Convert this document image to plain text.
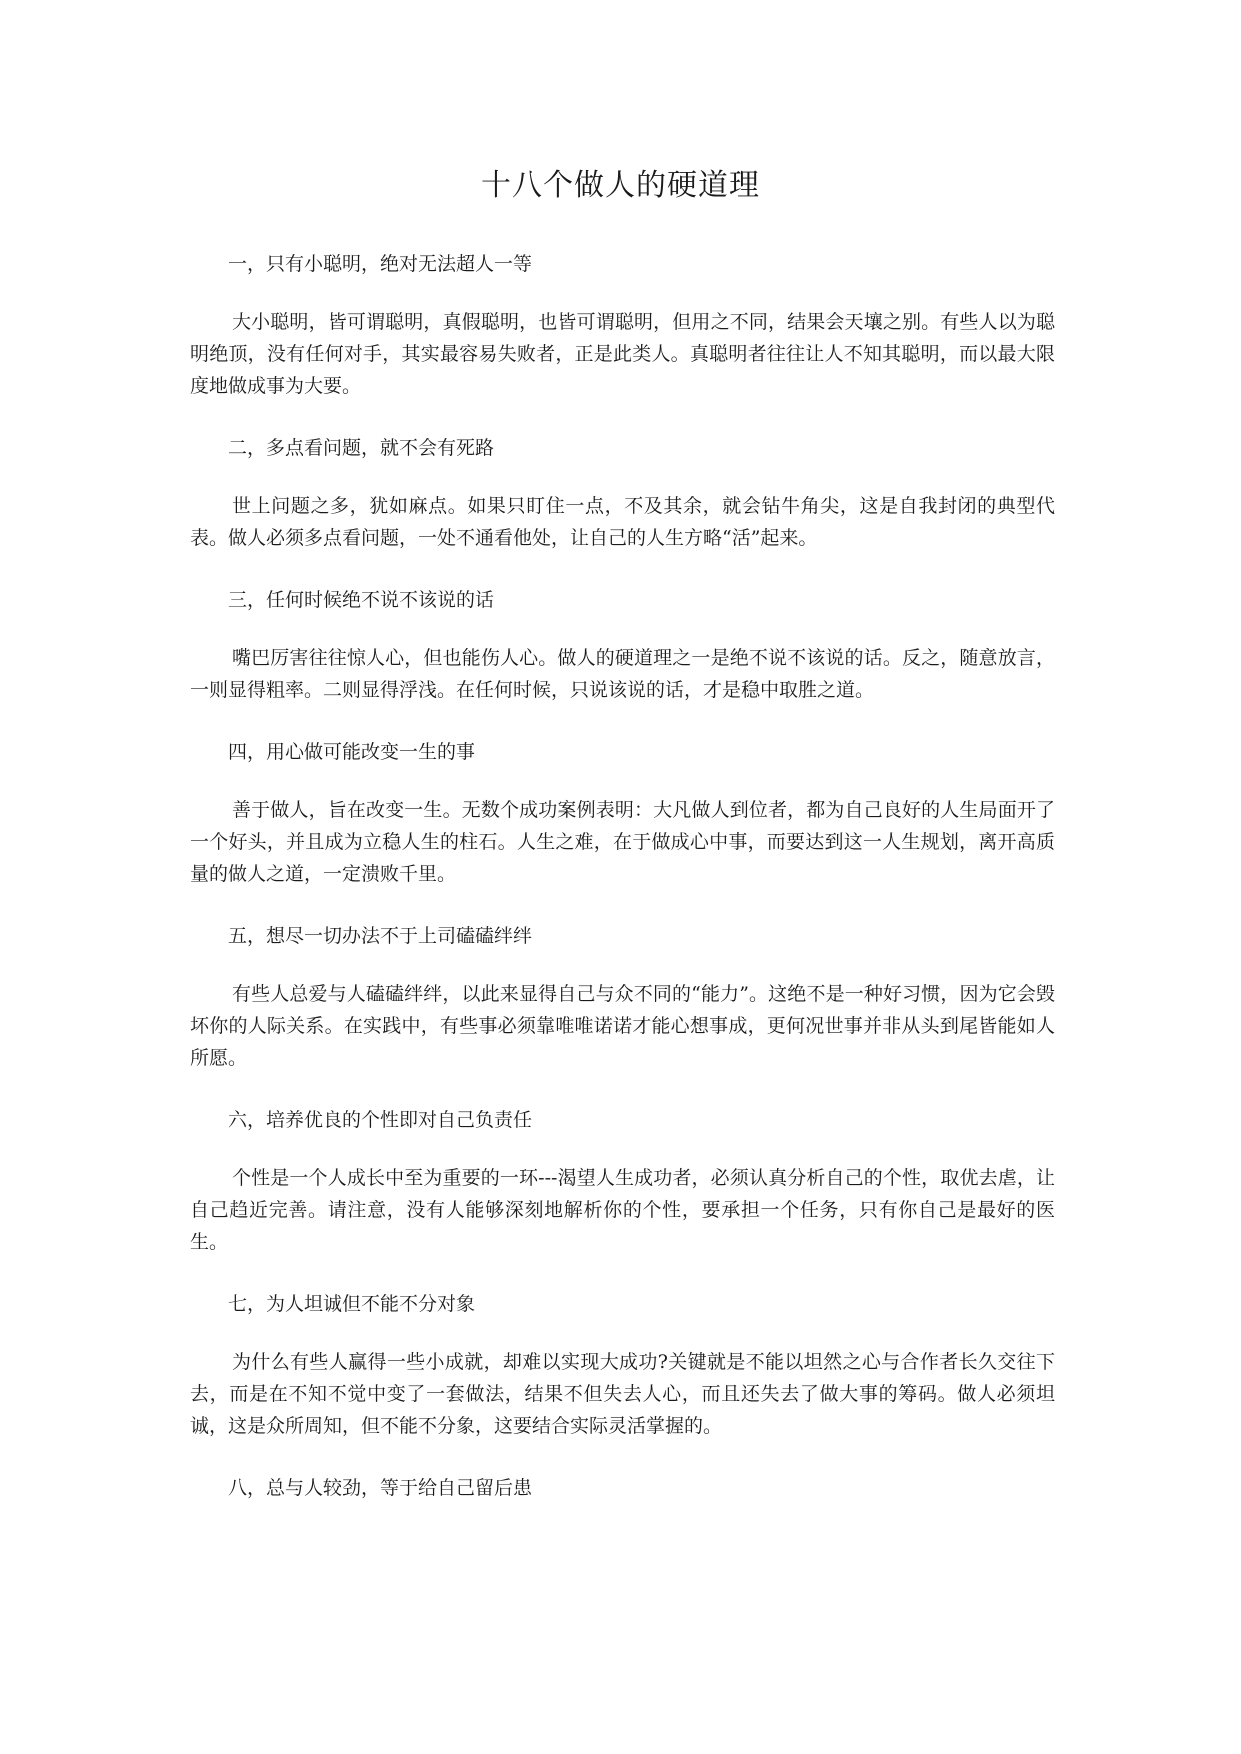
十八个做人的硬道理

一，只有小聪明，绝对无法超人一等

大小聪明，皆可谓聪明，真假聪明，也皆可谓聪明，但用之不同，结果会天壤之别。有些人以为聪明绝顶，没有任何对手，其实最容易失败者，正是此类人。真聪明者往往让人不知其聪明，而以最大限度地做成事为大要。

二，多点看问题，就不会有死路

世上问题之多，犹如麻点。如果只盯住一点，不及其余，就会钻牛角尖，这是自我封闭的典型代表。做人必须多点看问题，一处不通看他处，让自己的人生方略“活”起来。

三，任何时候绝不说不该说的话

嘴巴厉害往往惊人心，但也能伤人心。做人的硬道理之一是绝不说不该说的话。反之，随意放言，一则显得粗率。二则显得浮浅。在任何时候，只说该说的话，才是稳中取胜之道。

四，用心做可能改变一生的事

善于做人，旨在改变一生。无数个成功案例表明：大凡做人到位者，都为自己良好的人生局面开了一个好头，并且成为立稳人生的柱石。人生之难，在于做成心中事，而要达到这一人生规划，离开高质量的做人之道，一定溃败千里。

五，想尽一切办法不于上司磕磕绊绊

有些人总爱与人磕磕绊绊，以此来显得自己与众不同的“能力”。这绝不是一种好习惯，因为它会毁坏你的人际关系。在实践中，有些事必须靠唯唯诺诺才能心想事成，更何况世事并非从头到尾皆能如人所愿。

六，培养优良的个性即对自己负责任

个性是一个人成长中至为重要的一环---渴望人生成功者，必须认真分析自己的个性，取优去虐，让自己趋近完善。请注意，没有人能够深刻地解析你的个性，要承担一个任务，只有你自己是最好的医生。

七，为人坦诚但不能不分对象

为什么有些人赢得一些小成就，却难以实现大成功?关键就是不能以坦然之心与合作者长久交往下去，而是在不知不觉中变了一套做法，结果不但失去人心，而且还失去了做大事的筹码。做人必须坦诚，这是众所周知，但不能不分象，这要结合实际灵活掌握的。

八，总与人较劲，等于给自己留后患
